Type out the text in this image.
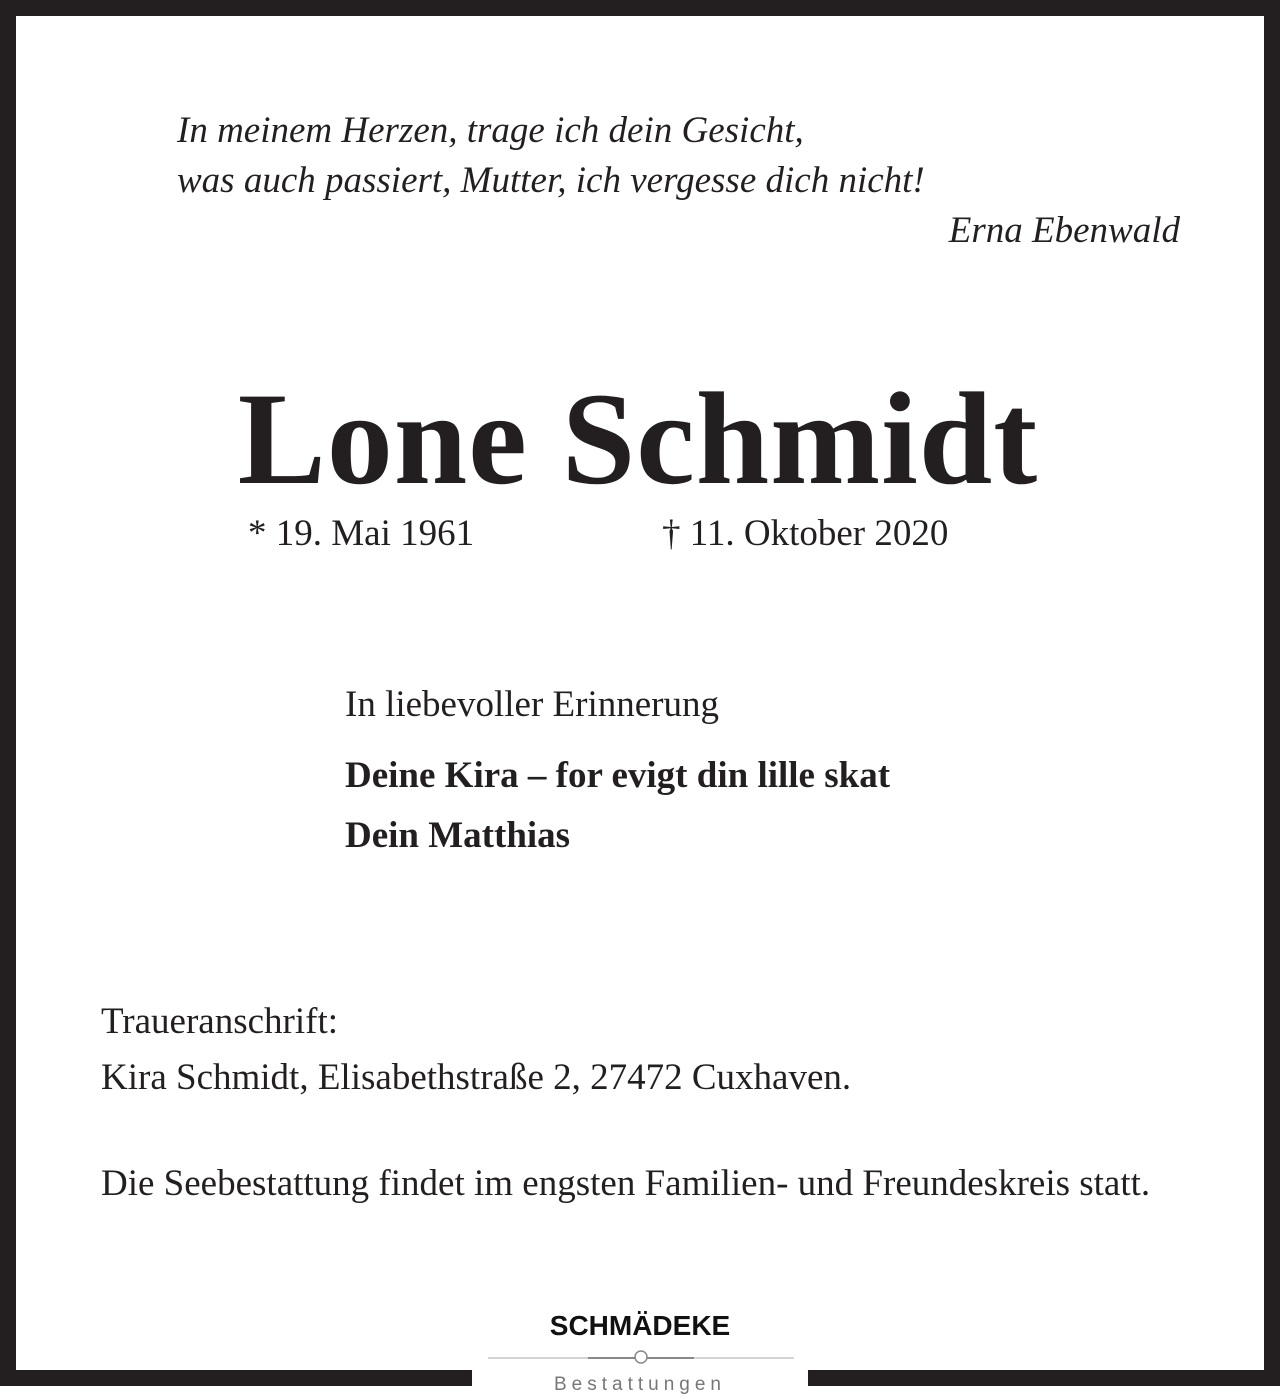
In meinem Herzen, trage ich dein Gesicht,
was auch passiert, Mutter, ich vergesse dich nicht!
Erna Ebenwald
Lone Schmidt
* 19. Mai 1961	† 11. Oktober 2020
In liebevoller Erinnerung
Deine Kira – for evigt din lille skat
Dein Matthias
Traueranschrift:
Kira Schmidt, Elisabethstraße 2, 27472 Cuxhaven.
Die Seebestattung findet im engsten Familien- und Freundeskreis statt.
SCHMÄDEKE
Bestattungen
